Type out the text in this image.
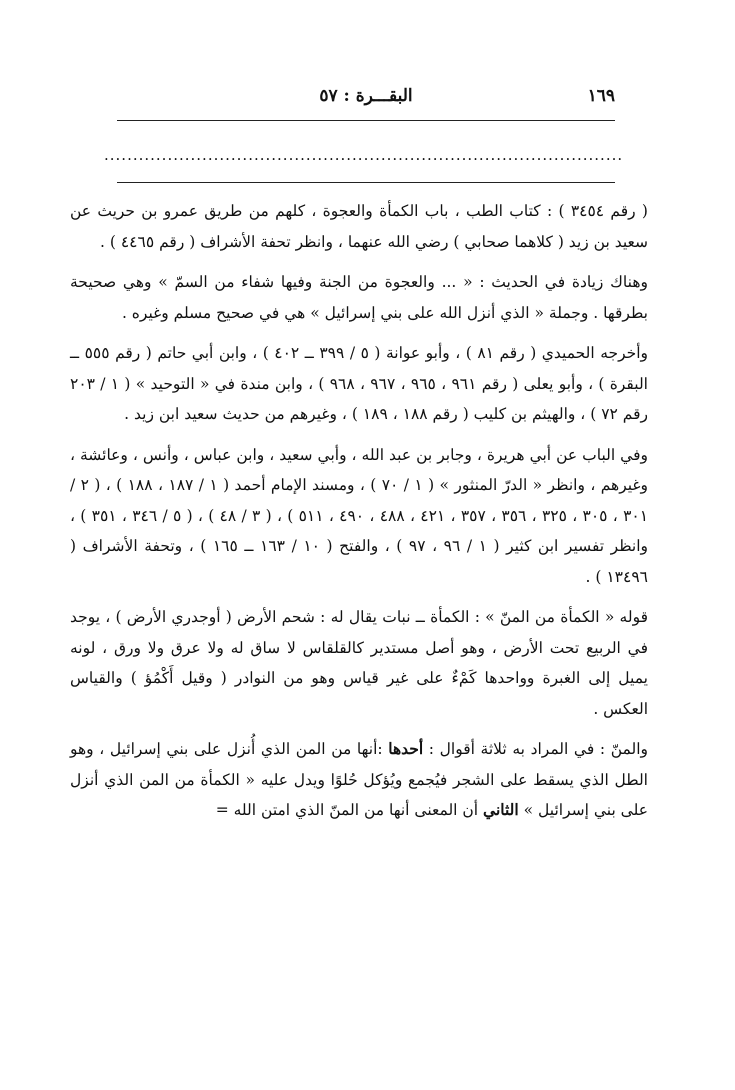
١٦٩
البقـــرة : ٥٧
..........................................................................................

( رقم ٣٤٥٤ ) : كتاب الطب ، باب الكمأة والعجوة ، كلهم من طريق عمرو بن حريث عن سعيد بن زيد ( كلاهما صحابي ) رضي الله عنهما ، وانظر تحفة الأشراف ( رقم ٤٤٦٥ ) .

وهناك زيادة في الحديث : « ... والعجوة من الجنة وفيها شفاء من السمّ » وهي صحيحة بطرقها . وجملة « الذي أنزل الله على بني إسرائيل » هي في صحيح مسلم وغيره .

وأخرجه الحميدي ( رقم ٨١ ) ، وأبو عوانة ( ٥ / ٣٩٩ ــ ٤٠٢ ) ، وابن أبي حاتم ( رقم ٥٥٥ ــ البقرة ) ، وأبو يعلى ( رقم ٩٦١ ، ٩٦٥ ، ٩٦٧ ، ٩٦٨ ) ، وابن مندة في « التوحيد » ( ١ / ٢٠٣ رقم ٧٢ ) ، والهيثم بن كليب ( رقم ١٨٨ ، ١٨٩ ) ، وغيرهم من حديث سعيد ابن زيد .

وفي الباب عن أبي هريرة ، وجابر بن عبد الله ، وأبي سعيد ، وابن عباس ، وأنس ، وعائشة ، وغيرهم ، وانظر « الدرّ المنثور » ( ١ / ٧٠ ) ، ومسند الإمام أحمد ( ١ / ١٨٧ ، ١٨٨ ) ، ( ٢ / ٣٠١ ، ٣٠٥ ، ٣٢٥ ، ٣٥٦ ، ٣٥٧ ، ٤٢١ ، ٤٨٨ ، ٤٩٠ ، ٥١١ ) ، ( ٣ / ٤٨ ) ، ( ٥ / ٣٤٦ ، ٣٥١ ) ، وانظر تفسير ابن كثير ( ١ / ٩٦ ، ٩٧ ) ، والفتح ( ١٠ / ١٦٣ ــ ١٦٥ ) ، وتحفة الأشراف ( ١٣٤٩٦ ) .

قوله « الكمأة من المنّ » : الكمأة ــ نبات يقال له : شحم الأرض ( أوجدري الأرض ) ، يوجد في الربيع تحت الأرض ، وهو أصل مستدير كالقلقاس لا ساق له ولا عرق ولا ورق ، لونه يميل إلى الغبرة وواحدها كَمْءٌ على غير قياس وهو من النوادر ( وقيل أَكْمُؤ ) والقياس العكس .

والمنّ : في المراد به ثلاثة أقوال : أحدها :أنها من المن الذي أُنزل على بني إسرائيل ، وهو الطل الذي يسقط على الشجر فيُجمع ويُؤكل حُلوًا ويدل عليه « الكمأة من المن الذي أنزل على بني إسرائيل » الثاني أن المعنى أنها من المنّ الذي امتن الله =
